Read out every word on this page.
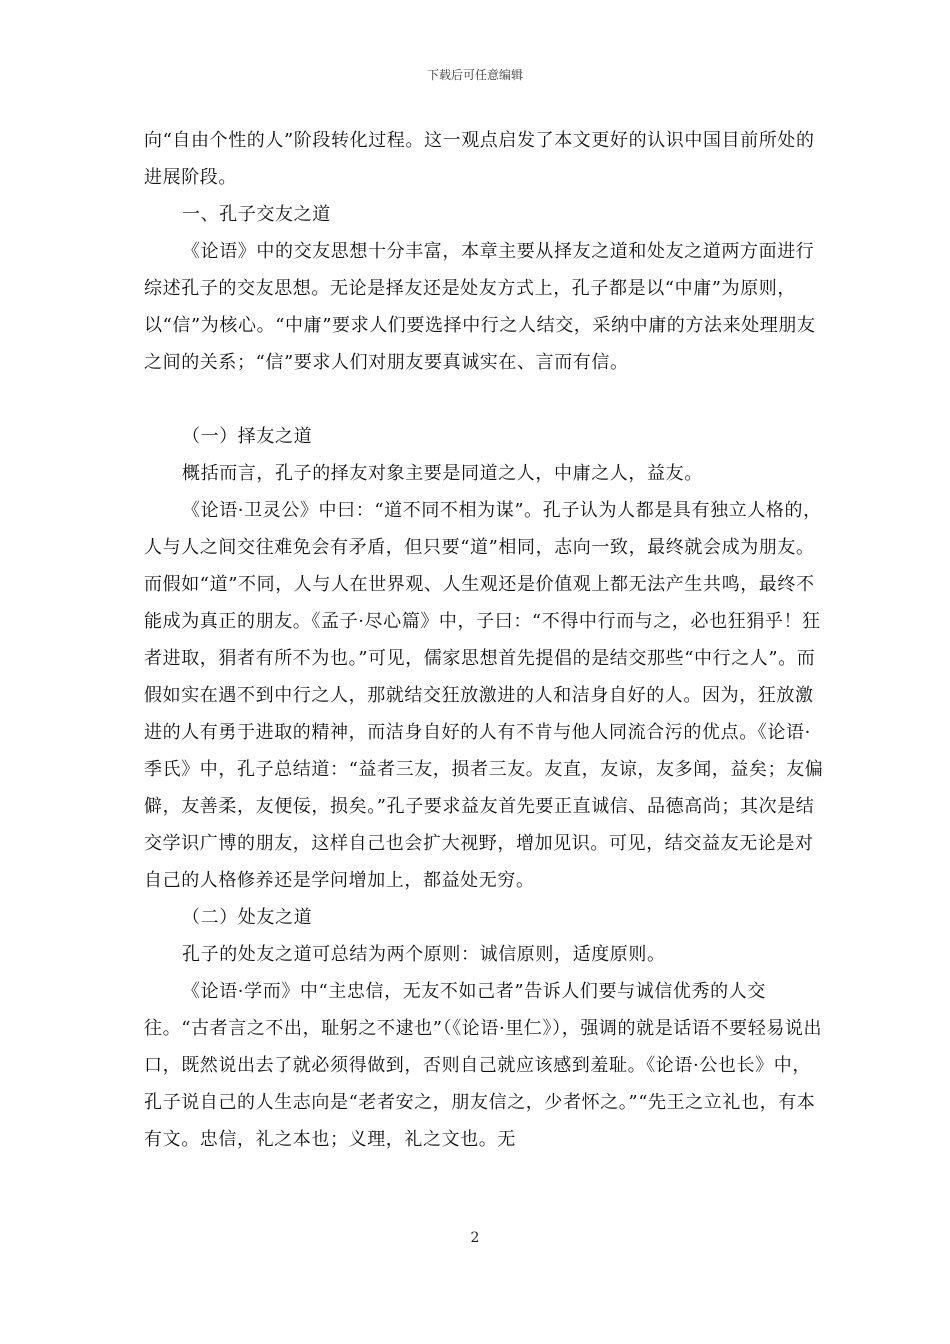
下载后可任意编辑

向“自由个性的人”阶段转化过程。这一观点启发了本文更好的认识中国目前所处的进展阶段。

一、孔子交友之道

《论语》中的交友思想十分丰富，本章主要从择友之道和处友之道两方面进行综述孔子的交友思想。无论是择友还是处友方式上，孔子都是以“中庸”为原则，以“信”为核心。“中庸”要求人们要选择中行之人结交，采纳中庸的方法来处理朋友之间的关系；“信”要求人们对朋友要真诚实在、言而有信。

（一）择友之道

概括而言，孔子的择友对象主要是同道之人，中庸之人，益友。

《论语·卫灵公》中曰：“道不同不相为谋”。孔子认为人都是具有独立人格的，人与人之间交往难免会有矛盾，但只要“道”相同，志向一致，最终就会成为朋友。而假如“道”不同，人与人在世界观、人生观还是价值观上都无法产生共鸣，最终不能成为真正的朋友。《孟子·尽心篇》中，子曰：“不得中行而与之，必也狂狷乎！狂者进取，狷者有所不为也。”可见，儒家思想首先提倡的是结交那些“中行之人”。而假如实在遇不到中行之人，那就结交狂放激进的人和洁身自好的人。因为，狂放激进的人有勇于进取的精神，而洁身自好的人有不肯与他人同流合污的优点。《论语·季氏》中，孔子总结道：“益者三友，损者三友。友直，友谅，友多闻，益矣；友偏僻，友善柔，友便佞，损矣。”孔子要求益友首先要正直诚信、品德高尚；其次是结交学识广博的朋友，这样自己也会扩大视野，增加见识。可见，结交益友无论是对自己的人格修养还是学问增加上，都益处无穷。

（二）处友之道

孔子的处友之道可总结为两个原则：诚信原则，适度原则。

《论语·学而》中“主忠信，无友不如己者”告诉人们要与诚信优秀的人交往。“古者言之不出，耻躬之不逮也”（《论语·里仁》），强调的就是话语不要轻易说出口，既然说出去了就必须得做到，否则自己就应该感到羞耻。《论语·公也长》中，孔子说自己的人生志向是“老者安之，朋友信之，少者怀之。”“先王之立礼也，有本有文。忠信，礼之本也；义理，礼之文也。无

2
